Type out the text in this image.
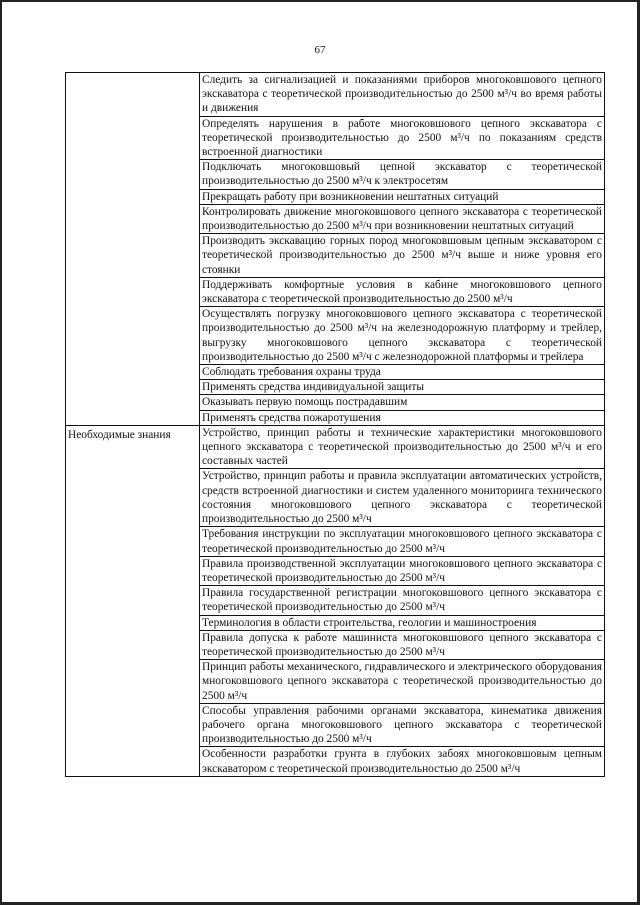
67
	Следить за сигнализацией и показаниями приборов многоковшового цепного экскаватора с теоретической производительностью до 2500 м³/ч во время работы и движения
	Определять нарушения в работе многоковшового цепного экскаватора с теоретической производительностью до 2500 м³/ч по показаниям средств встроенной диагностики
	Подключать многоковшовый цепной экскаватор с теоретической производительностью до 2500 м³/ч к электросетям
	Прекращать работу при возникновении нештатных ситуаций
	Контролировать движение многоковшового цепного экскаватора с теоретической производительностью до 2500 м³/ч при возникновении нештатных ситуаций
	Производить экскавацию горных пород многоковшовым цепным экскаватором с теоретической производительностью до 2500 м³/ч выше и ниже уровня его стоянки
	Поддерживать комфортные условия в кабине многоковшового цепного экскаватора с теоретической производительностью до 2500 м³/ч
	Осуществлять погрузку многоковшового цепного экскаватора с теоретической производительностью до 2500 м³/ч на железнодорожную платформу и трейлер, выгрузку многоковшового цепного экскаватора с теоретической производительностью до 2500 м³/ч с железнодорожной платформы и трейлера
	Соблюдать требования охраны труда
	Применять средства индивидуальной защиты
	Оказывать первую помощь пострадавшим
	Применять средства пожаротушения

Необходимые знания	Устройство, принцип работы и технические характеристики многоковшового цепного экскаватора с теоретической производительностью до 2500 м³/ч и его составных частей
	Устройство, принцип работы и правила эксплуатации автоматических устройств, средств встроенной диагностики и систем удаленного мониторинга технического состояния многоковшового цепного экскаватора с теоретической производительностью до 2500 м³/ч
	Требования инструкции по эксплуатации многоковшового цепного экскаватора с теоретической производительностью до 2500 м³/ч
	Правила производственной эксплуатации многоковшового цепного экскаватора с теоретической производительностью до 2500 м³/ч
	Правила государственной регистрации многоковшового цепного экскаватора с теоретической производительностью до 2500 м³/ч
	Терминология в области строительства, геологии и машиностроения
	Правила допуска к работе машиниста многоковшового цепного экскаватора с теоретической производительностью до 2500 м³/ч
	Принцип работы механического, гидравлического и электрического оборудования многоковшового цепного экскаватора с теоретической производительностью до 2500 м³/ч
	Способы управления рабочими органами экскаватора, кинематика движения рабочего органа многоковшового цепного экскаватора с теоретической производительностью до 2500 м³/ч
	Особенности разработки грунта в глубоких забоях многоковшовым цепным экскаватором с теоретической производительностью до 2500 м³/ч
